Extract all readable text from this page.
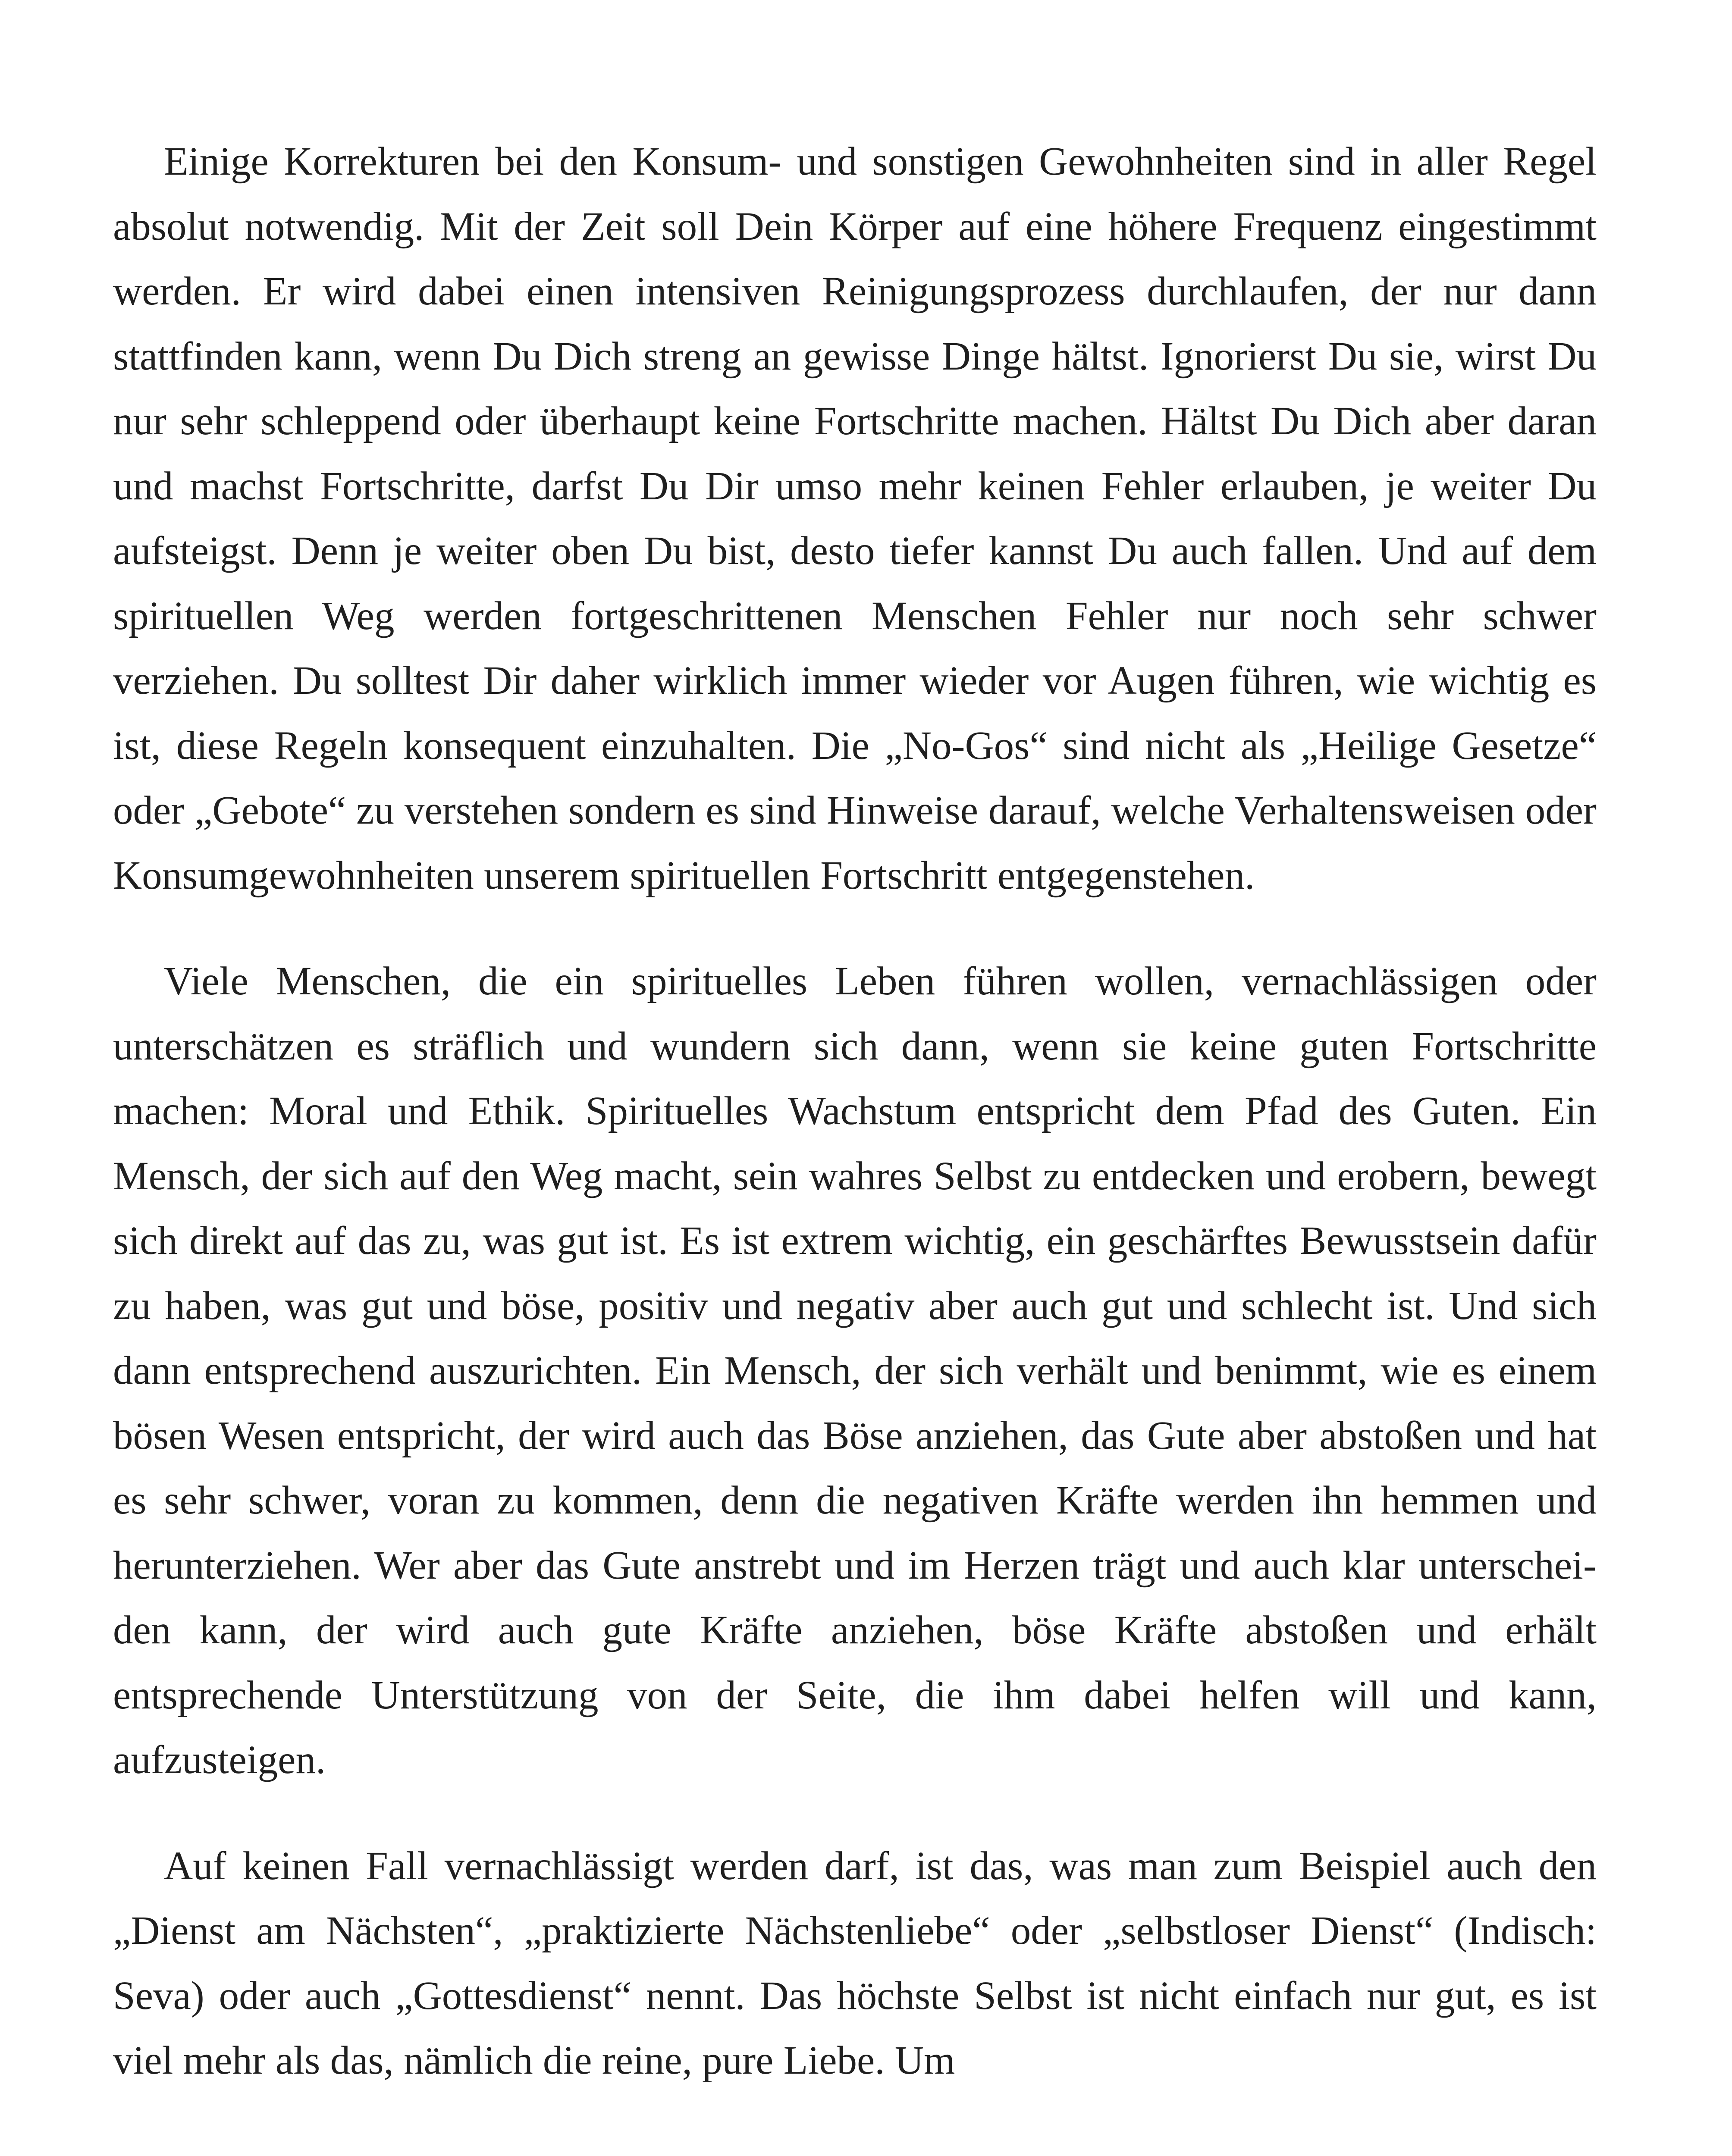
Einige Korrekturen bei den Konsum- und sonstigen Gewohnheiten sind in aller Regel absolut notwendig. Mit der Zeit soll Dein Körper auf eine höhere Frequenz eingestimmt werden. Er wird dabei einen intensiven Reinigungsprozess durchlaufen, der nur dann stattfinden kann, wenn Du Dich streng an gewisse Dinge hältst. Ignorierst Du sie, wirst Du nur sehr schleppend oder überhaupt keine Fortschritte machen. Hältst Du Dich aber daran und machst Fortschritte, darfst Du Dir umso mehr keinen Fehler erlauben, je weiter Du aufsteigst. Denn je weiter oben Du bist, desto tiefer kannst Du auch fallen. Und auf dem spirituellen Weg werden fortgeschrittenen Menschen Fehler nur noch sehr schwer verziehen. Du solltest Dir daher wirklich immer wieder vor Augen führen, wie wichtig es ist, diese Regeln konsequent einzuhalten. Die „No-Gos“ sind nicht als „Heilige Gesetze“ oder „Gebote“ zu verstehen sondern es sind Hinweise darauf, welche Verhaltensweisen oder Konsumgewohnheiten unserem spirituellen Fortschritt entgegenstehen.

Viele Menschen, die ein spirituelles Leben führen wollen, vernachlässigen oder unterschätzen es sträflich und wundern sich dann, wenn sie keine guten Fortschritte machen: Moral und Ethik. Spirituelles Wachstum entspricht dem Pfad des Guten. Ein Mensch, der sich auf den Weg macht, sein wahres Selbst zu entdecken und erobern, bewegt sich direkt auf das zu, was gut ist. Es ist extrem wichtig, ein geschärftes Bewusstsein dafür zu haben, was gut und böse, positiv und negativ aber auch gut und schlecht ist. Und sich dann entsprechend auszurichten. Ein Mensch, der sich verhält und benimmt, wie es einem bösen Wesen entspricht, der wird auch das Böse anziehen, das Gute aber abstoßen und hat es sehr schwer, voran zu kommen, denn die negativen Kräfte werden ihn hemmen und herunterziehen. Wer aber das Gute anstrebt und im Herzen trägt und auch klar unterscheiden kann, der wird auch gute Kräfte anziehen, böse Kräfte abstoßen und erhält entsprechende Unterstützung von der Seite, die ihm dabei helfen will und kann, aufzusteigen.

Auf keinen Fall vernachlässigt werden darf, ist das, was man zum Beispiel auch den „Dienst am Nächsten“, „praktizierte Nächstenliebe“ oder „selbstloser Dienst“ (Indisch: Seva) oder auch „Gottesdienst“ nennt. Das höchste Selbst ist nicht einfach nur gut, es ist viel mehr als das, nämlich die reine, pure Liebe. Um
